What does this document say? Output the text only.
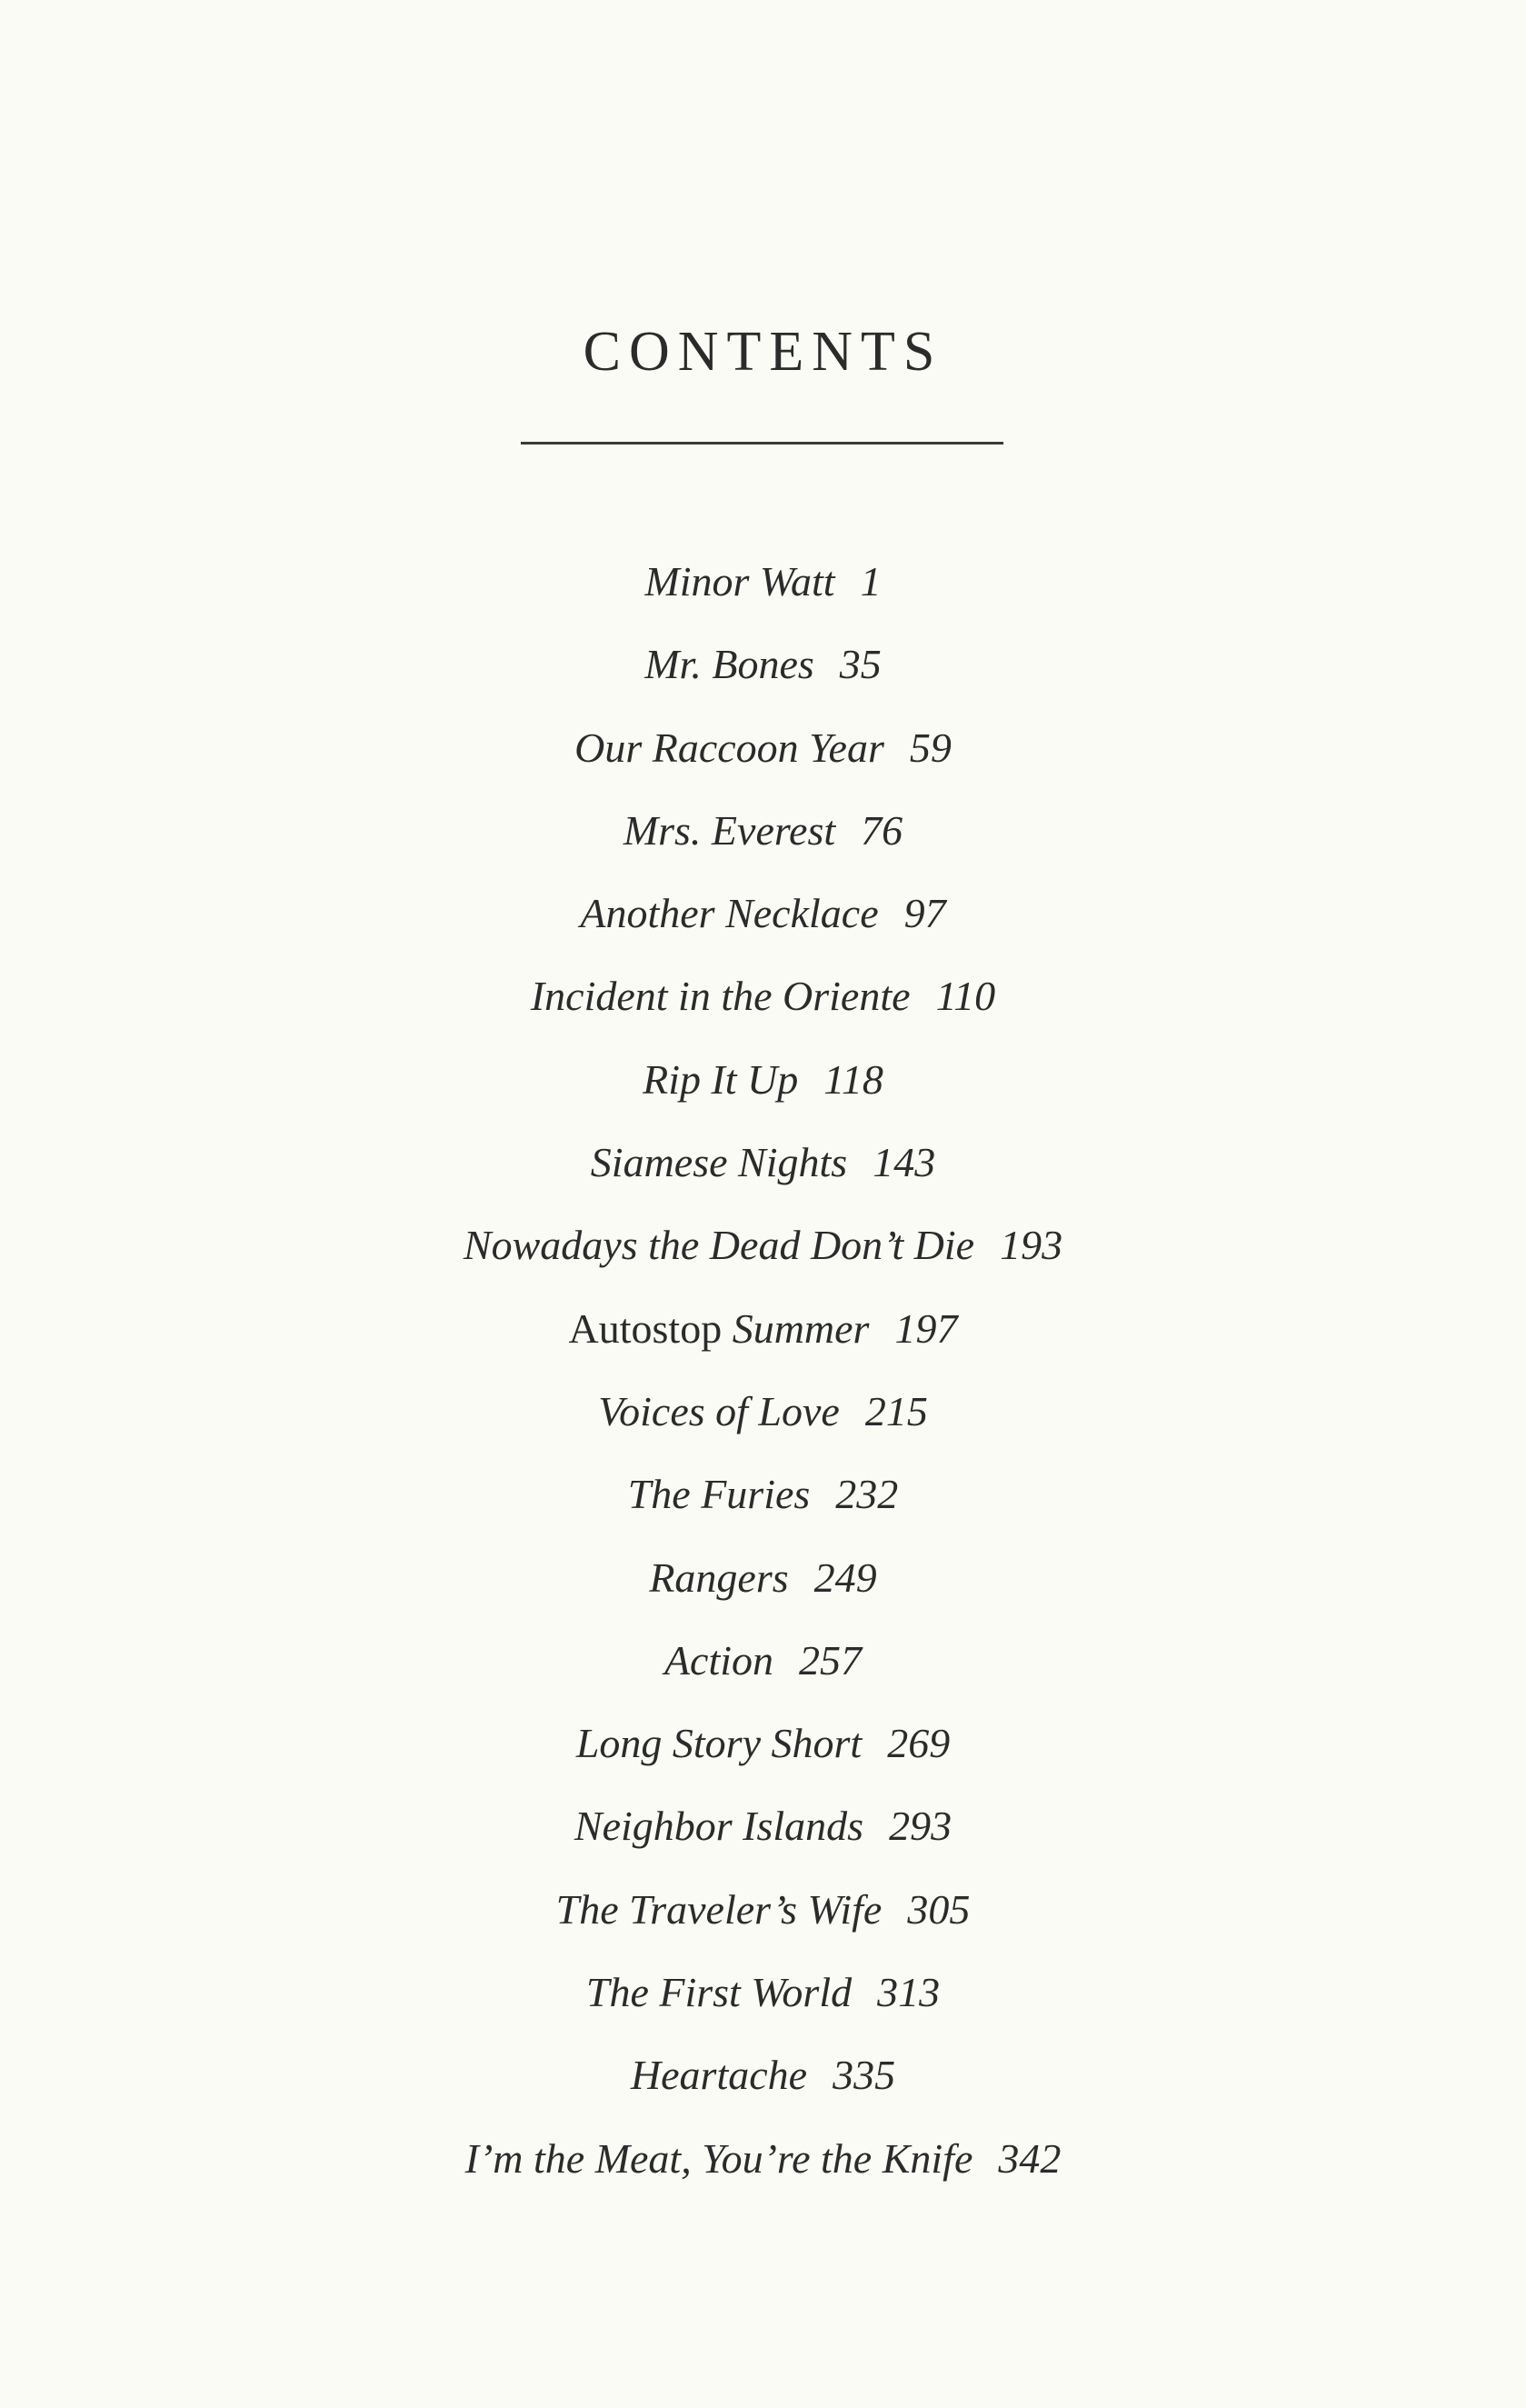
CONTENTS
Minor Watt 1
Mr. Bones 35
Our Raccoon Year 59
Mrs. Everest 76
Another Necklace 97
Incident in the Oriente 110
Rip It Up 118
Siamese Nights 143
Nowadays the Dead Don’t Die 193
Autostop Summer 197
Voices of Love 215
The Furies 232
Rangers 249
Action 257
Long Story Short 269
Neighbor Islands 293
The Traveler’s Wife 305
The First World 313
Heartache 335
I’m the Meat, You’re the Knife 342
